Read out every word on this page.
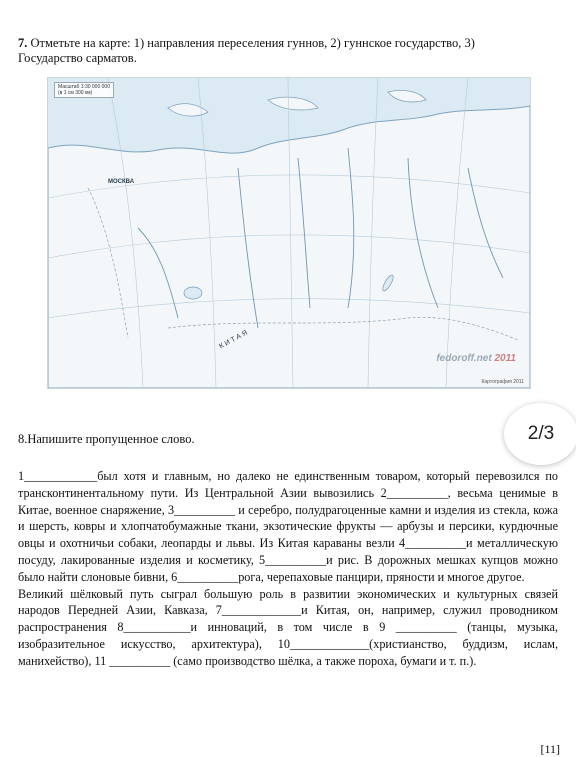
7. Отметьте на карте: 1) направления переселения гуннов, 2) гуннское государство, 3) Государство сарматов.
Масштаб 1:30 000 000
(в 1 см 300 км)
МОСКВА
КИТАЯ
fedoroff.net 2011
Картография 2011
2/3
8.Напишите пропущенное слово.

1____________был хотя и главным, но далеко не единственным товаром, который перевозился по трансконтинентальному пути. Из Центральной Азии вывозились 2__________, весьма ценимые в Китае, военное снаряжение, 3__________ и серебро, полудрагоценные камни и изделия из стекла, кожа и шерсть, ковры и хлопчатобумажные ткани, экзотические фрукты — арбузы и персики, курдючные овцы и охотничьи собаки, леопарды и львы. Из Китая караваны везли 4__________и металлическую посуду, лакированные изделия и косметику, 5__________и рис. В дорожных мешках купцов можно было найти слоновые бивни, 6__________рога, черепаховые панцири, пряности и многое другое.

Великий шёлковый путь сыграл большую роль в развитии экономических и культурных связей народов Передней Азии, Кавказа, 7_____________и Китая, он, например, служил проводником распространения 8___________и инноваций, в том числе в 9 __________ (танцы, музыка, изобразительное искусство, архитектура), 10_____________(христианство, буддизм, ислам, манихейство), 11 __________ (само производство шёлка, а также пороха, бумаги и т. п.).

[11]
